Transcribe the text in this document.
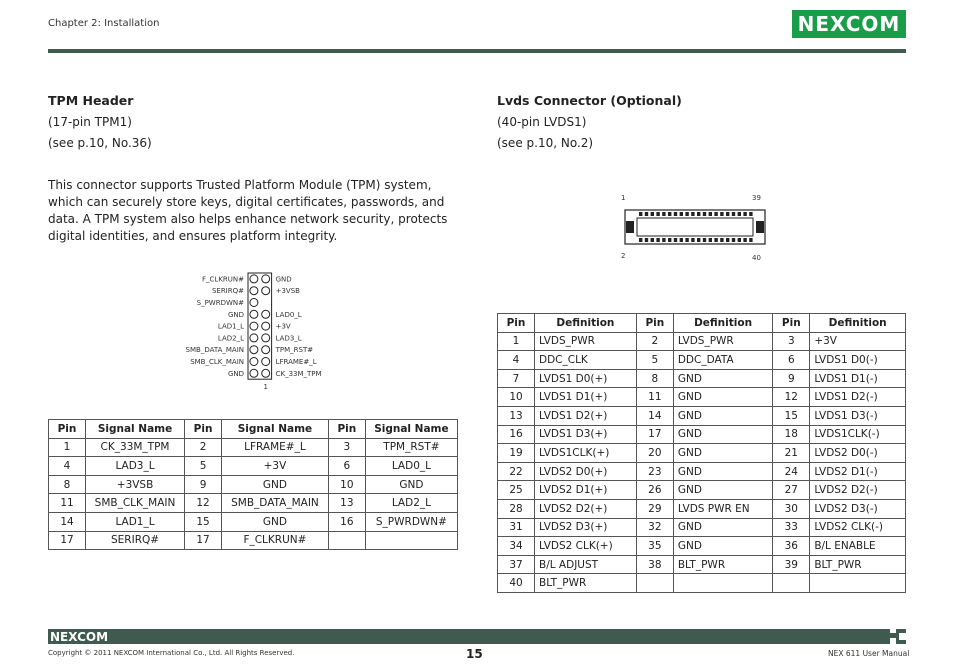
Chapter 2: Installation	NEXCOM
TPM Header
(17-pin TPM1)
(see p.10, No.36)
This connector supports Trusted Platform Module (TPM) system, which can securely store keys, digital certificates, passwords, and data. A TPM system also helps enhance network security, protects digital identities, and ensures platform integrity.
F_CLKRUN#	GND
SERIRQ#	+3VSB
S_PWRDWN#
GND	LAD0_L
LAD1_L	+3V
LAD2_L	LAD3_L
SMB_DATA_MAIN	TPM_RST#
SMB_CLK_MAIN	LFRAME#_L
GND	CK_33M_TPM
1
Pin	Signal Name	Pin	Signal Name	Pin	Signal Name
1	CK_33M_TPM	2	LFRAME#_L	3	TPM_RST#
4	LAD3_L	5	+3V	6	LAD0_L
8	+3VSB	9	GND	10	GND
11	SMB_CLK_MAIN	12	SMB_DATA_MAIN	13	LAD2_L
14	LAD1_L	15	GND	16	S_PWRDWN#
17	SERIRQ#	17	F_CLKRUN#		
Lvds Connector (Optional)
(40-pin LVDS1)
(see p.10, No.2)
1	39
2	40
Pin	Definition	Pin	Definition	Pin	Definition
1	LVDS_PWR	2	LVDS_PWR	3	+3V
4	DDC_CLK	5	DDC_DATA	6	LVDS1 D0(-)
7	LVDS1 D0(+)	8	GND	9	LVDS1 D1(-)
10	LVDS1 D1(+)	11	GND	12	LVDS1 D2(-)
13	LVDS1 D2(+)	14	GND	15	LVDS1 D3(-)
16	LVDS1 D3(+)	17	GND	18	LVDS1CLK(-)
19	LVDS1CLK(+)	20	GND	21	LVDS2 D0(-)
22	LVDS2 D0(+)	23	GND	24	LVDS2 D1(-)
25	LVDS2 D1(+)	26	GND	27	LVDS2 D2(-)
28	LVDS2 D2(+)	29	LVDS PWR EN	30	LVDS2 D3(-)
31	LVDS2 D3(+)	32	GND	33	LVDS2 CLK(-)
34	LVDS2 CLK(+)	35	GND	36	B/L ENABLE
37	B/L ADJUST	38	BLT_PWR	39	BLT_PWR
40	BLT_PWR				
NEXCOM
Copyright © 2011 NEXCOM International Co., Ltd. All Rights Reserved.	15	NEX 611 User Manual
